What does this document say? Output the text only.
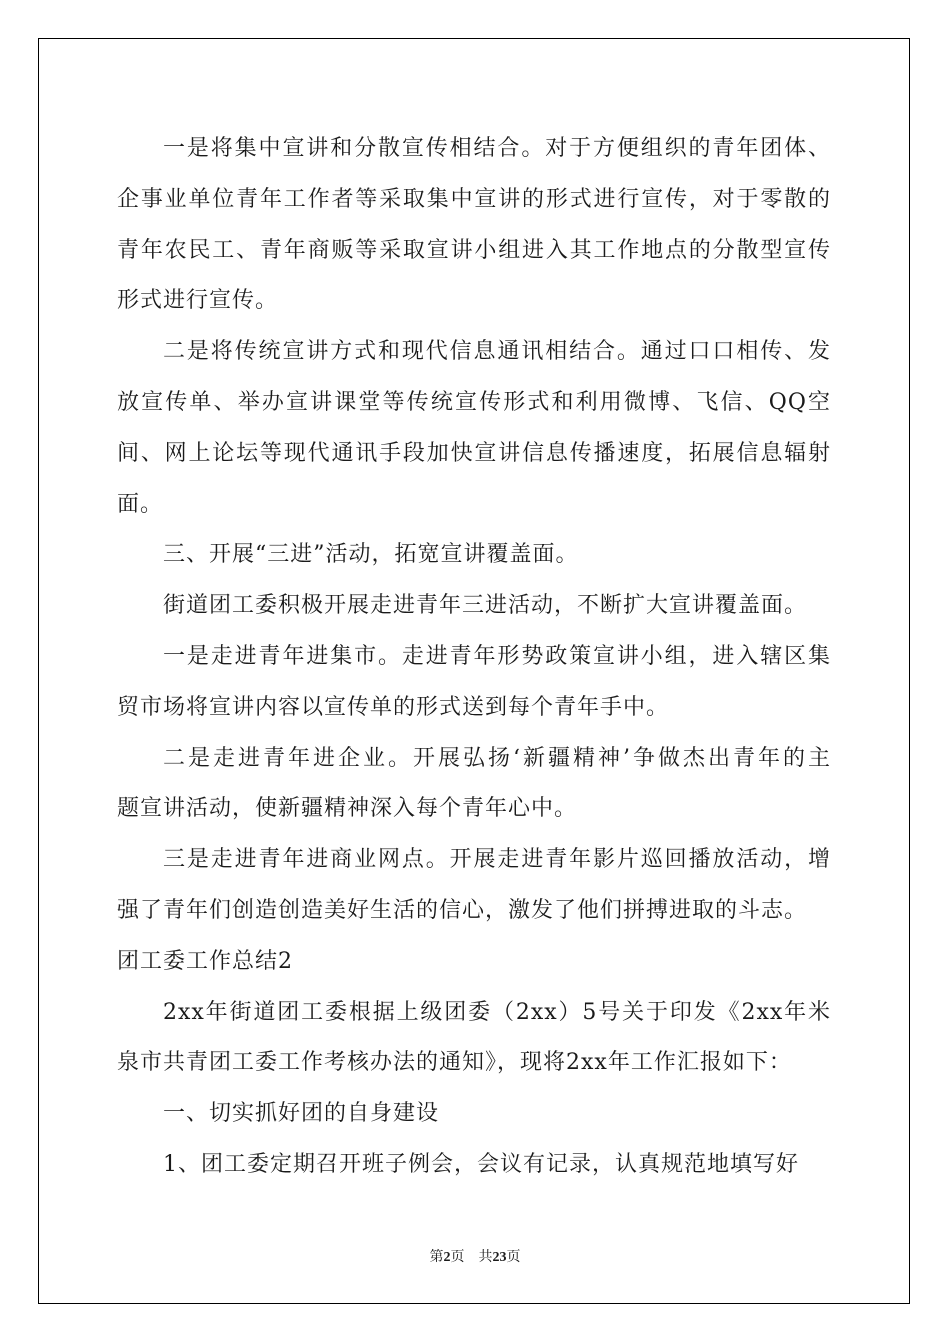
一是将集中宣讲和分散宣传相结合。对于方便组织的青年团体、
企事业单位青年工作者等采取集中宣讲的形式进行宣传，对于零散的
青年农民工、青年商贩等采取宣讲小组进入其工作地点的分散型宣传
形式进行宣传。
二是将传统宣讲方式和现代信息通讯相结合。通过口口相传、发
放宣传单、举办宣讲课堂等传统宣传形式和利用微博、飞信、QQ空
间、网上论坛等现代通讯手段加快宣讲信息传播速度，拓展信息辐射
面。
三、开展“三进”活动，拓宽宣讲覆盖面。
街道团工委积极开展走进青年三进活动，不断扩大宣讲覆盖面。
一是走进青年进集市。走进青年形势政策宣讲小组，进入辖区集
贸市场将宣讲内容以宣传单的形式送到每个青年手中。
二是走进青年进企业。开展弘扬‘新疆精神’争做杰出青年的主
题宣讲活动，使新疆精神深入每个青年心中。
三是走进青年进商业网点。开展走进青年影片巡回播放活动，增
强了青年们创造创造美好生活的信心，激发了他们拼搏进取的斗志。
团工委工作总结2
2xx年街道团工委根据上级团委（2xx）5号关于印发《2xx年米
泉市共青团工委工作考核办法的通知》，现将2xx年工作汇报如下：
一、切实抓好团的自身建设
1、团工委定期召开班子例会，会议有记录，认真规范地填写好
第2页 共23页
